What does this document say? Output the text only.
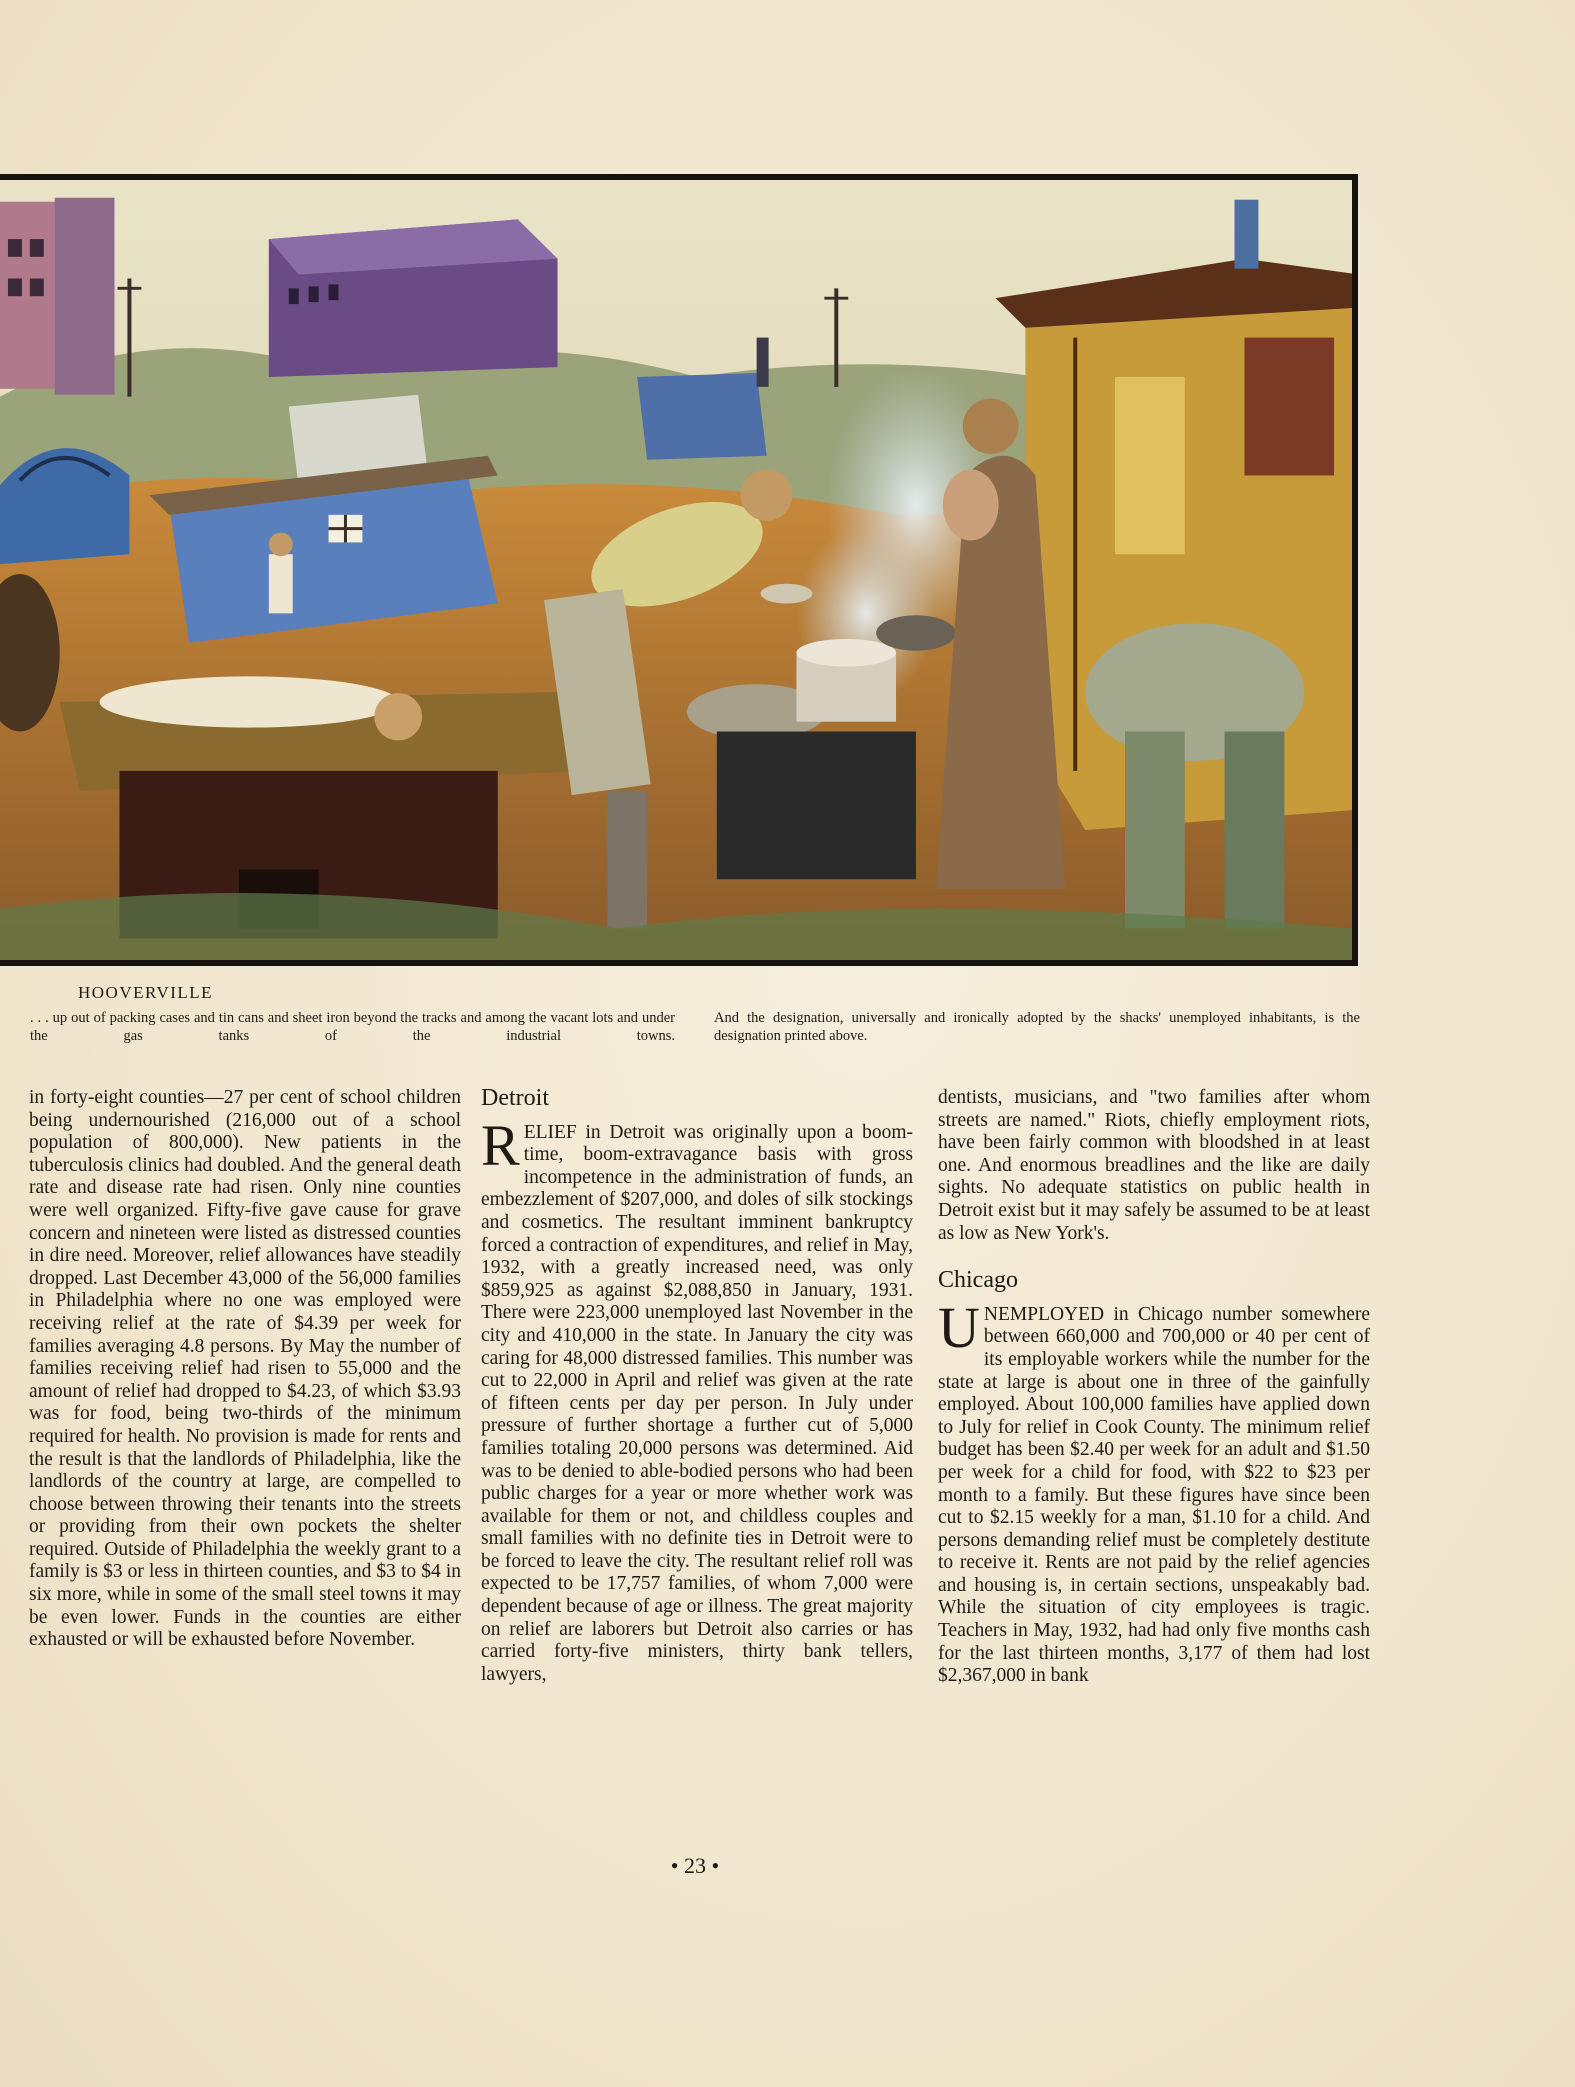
HOOVERVILLE
. . . up out of packing cases and tin cans and sheet iron beyond the tracks and among the vacant lots and under the gas tanks of the industrial towns.
And the designation, universally and ironically adopted by the shacks' unemployed inhabitants, is the designation printed above.

in forty-eight counties—27 per cent of school children being undernourished (216,000 out of a school population of 800,000). New patients in the tuberculosis clinics had doubled. And the general death rate and disease rate had risen. Only nine counties were well organized. Fifty-five gave cause for grave concern and nineteen were listed as distressed counties in dire need. Moreover, relief allowances have steadily dropped. Last December 43,000 of the 56,000 families in Philadelphia where no one was employed were receiving relief at the rate of $4.39 per week for families averaging 4.8 persons. By May the number of families receiving relief had risen to 55,000 and the amount of relief had dropped to $4.23, of which $3.93 was for food, being two-thirds of the minimum required for health. No provision is made for rents and the result is that the landlords of Philadelphia, like the landlords of the country at large, are compelled to choose between throwing their tenants into the streets or providing from their own pockets the shelter required. Outside of Philadelphia the weekly grant to a family is $3 or less in thirteen counties, and $3 to $4 in six more, while in some of the small steel towns it may be even lower. Funds in the counties are either exhausted or will be exhausted before November.

Detroit

RELIEF in Detroit was originally upon a boom-time, boom-extravagance basis with gross incompetence in the administration of funds, an embezzlement of $207,000, and doles of silk stockings and cosmetics. The resultant imminent bankruptcy forced a contraction of expenditures, and relief in May, 1932, with a greatly increased need, was only $859,925 as against $2,088,850 in January, 1931. There were 223,000 unemployed last November in the city and 410,000 in the state. In January the city was caring for 48,000 distressed families. This number was cut to 22,000 in April and relief was given at the rate of fifteen cents per day per person. In July under pressure of further shortage a further cut of 5,000 families totaling 20,000 persons was determined. Aid was to be denied to able-bodied persons who had been public charges for a year or more whether work was available for them or not, and childless couples and small families with no definite ties in Detroit were to be forced to leave the city. The resultant relief roll was expected to be 17,757 families, of whom 7,000 were dependent because of age or illness. The great majority on relief are laborers but Detroit also carries or has carried forty-five ministers, thirty bank tellers, lawyers,

dentists, musicians, and "two families after whom streets are named." Riots, chiefly employment riots, have been fairly common with bloodshed in at least one. And enormous breadlines and the like are daily sights. No adequate statistics on public health in Detroit exist but it may safely be assumed to be at least as low as New York's.

Chicago

UNEMPLOYED in Chicago number somewhere between 660,000 and 700,000 or 40 per cent of its employable workers while the number for the state at large is about one in three of the gainfully employed. About 100,000 families have applied down to July for relief in Cook County. The minimum relief budget has been $2.40 per week for an adult and $1.50 per week for a child for food, with $22 to $23 per month to a family. But these figures have since been cut to $2.15 weekly for a man, $1.10 for a child. And persons demanding relief must be completely destitute to receive it. Rents are not paid by the relief agencies and housing is, in certain sections, unspeakably bad. While the situation of city employees is tragic. Teachers in May, 1932, had had only five months cash for the last thirteen months, 3,177 of them had lost $2,367,000 in bank

• 23 •
